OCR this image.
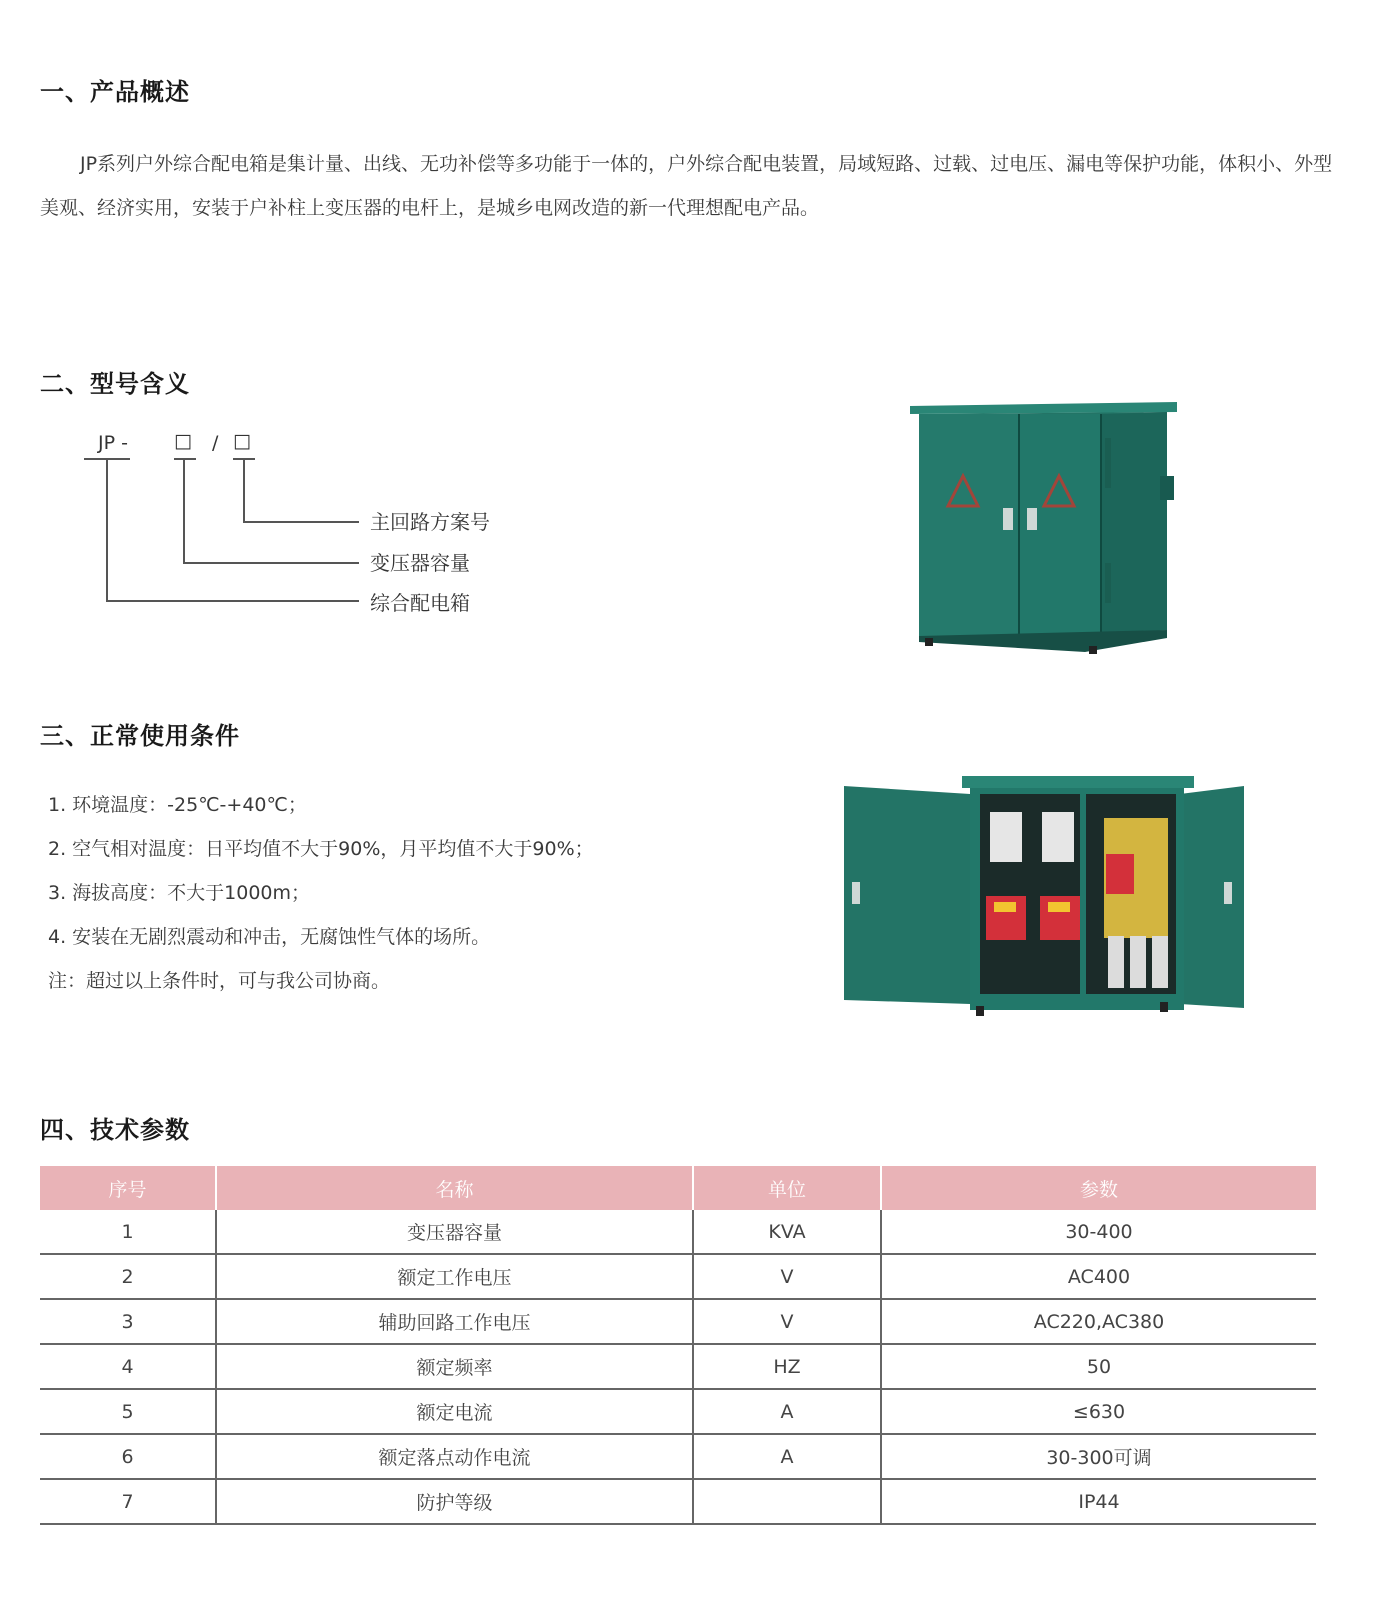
一、产品概述
JP系列户外综合配电箱是集计量、出线、无功补偿等多功能于一体的，户外综合配电装置，局域短路、过载、过电压、漏电等保护功能，体积小、外型美观、经济实用，安装于户补柱上变压器的电杆上，是城乡电网改造的新一代理想配电产品。
二、型号含义
JP - □ / □
主回路方案号
变压器容量
综合配电箱
三、正常使用条件
1. 环境温度：-25℃-+40℃；
2. 空气相对温度：日平均值不大于90%，月平均值不大于90%；
3. 海拔高度：不大于1000m；
4. 安装在无剧烈震动和冲击，无腐蚀性气体的场所。
注：超过以上条件时，可与我公司协商。
四、技术参数
序号	名称	单位	参数
1	变压器容量	KVA	30-400
2	额定工作电压	V	AC400
3	辅助回路工作电压	V	AC220,AC380
4	额定频率	HZ	50
5	额定电流	A	≤630
6	额定落点动作电流	A	30-300可调
7	防护等级		IP44
